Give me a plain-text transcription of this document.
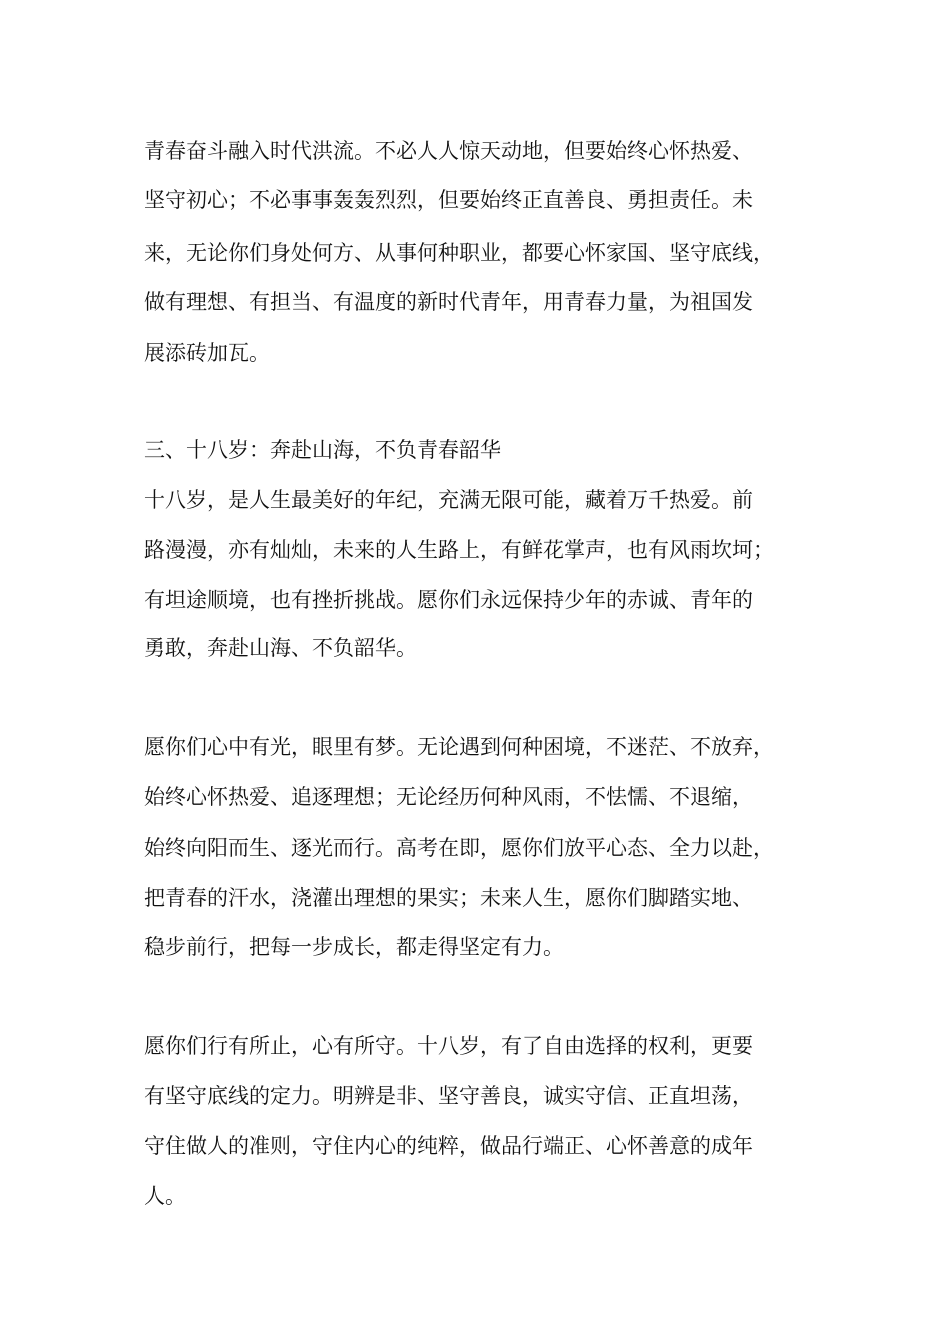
青春奋斗融入时代洪流。不必人人惊天动地，但要始终心怀热爱、

坚守初心；不必事事轰轰烈烈，但要始终正直善良、勇担责任。未

来，无论你们身处何方、从事何种职业，都要心怀家国、坚守底线，

做有理想、有担当、有温度的新时代青年，用青春力量，为祖国发

展添砖加瓦。

三、十八岁：奔赴山海，不负青春韶华

十八岁，是人生最美好的年纪，充满无限可能，藏着万千热爱。前

路漫漫，亦有灿灿，未来的人生路上，有鲜花掌声，也有风雨坎坷；

有坦途顺境，也有挫折挑战。愿你们永远保持少年的赤诚、青年的

勇敢，奔赴山海、不负韶华。

愿你们心中有光，眼里有梦。无论遇到何种困境，不迷茫、不放弃，

始终心怀热爱、追逐理想；无论经历何种风雨，不怯懦、不退缩，

始终向阳而生、逐光而行。高考在即，愿你们放平心态、全力以赴，

把青春的汗水，浇灌出理想的果实；未来人生，愿你们脚踏实地、

稳步前行，把每一步成长，都走得坚定有力。

愿你们行有所止，心有所守。十八岁，有了自由选择的权利，更要

有坚守底线的定力。明辨是非、坚守善良，诚实守信、正直坦荡，

守住做人的准则，守住内心的纯粹，做品行端正、心怀善意的成年

人。
